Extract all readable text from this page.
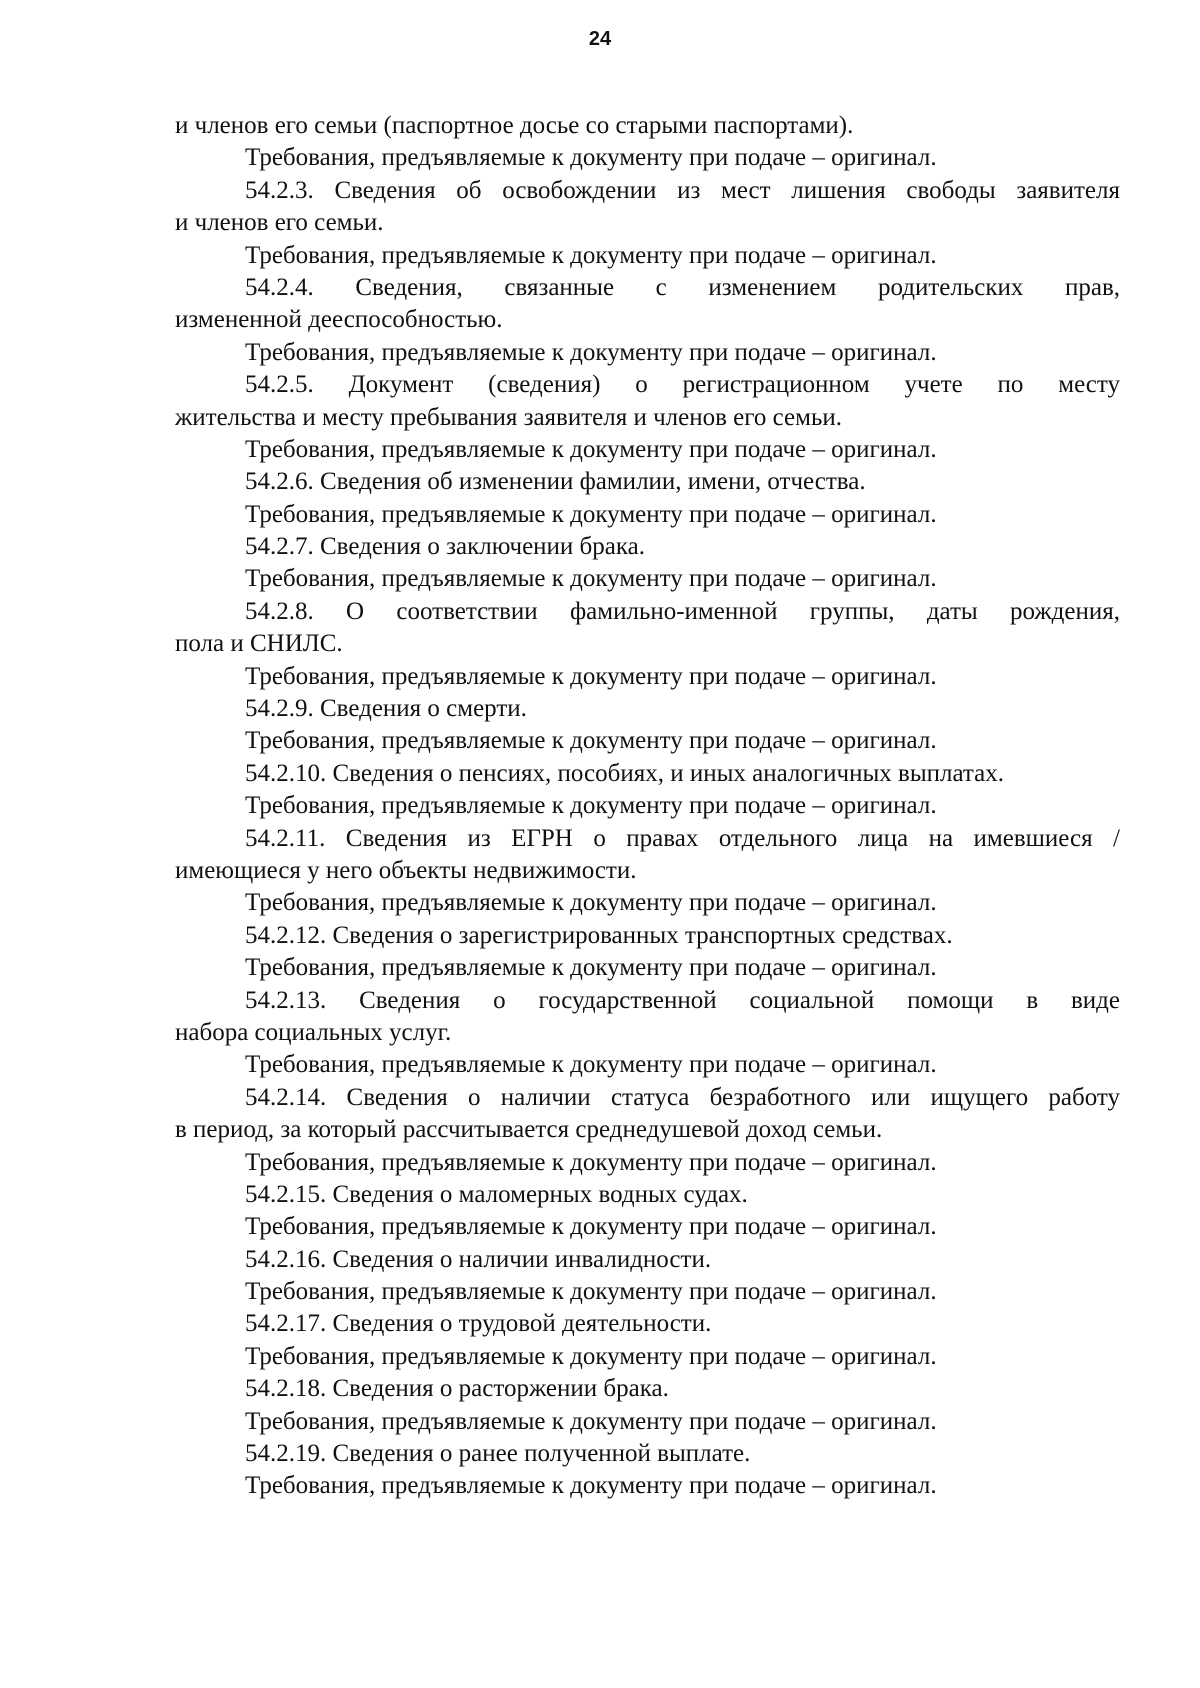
24
и членов его семьи (паспортное досье со старыми паспортами).
Требования, предъявляемые к документу при подаче – оригинал.
54.2.3. Сведения об освобождении из мест лишения свободы заявителя
и членов его семьи.
Требования, предъявляемые к документу при подаче – оригинал.
54.2.4. Сведения, связанные с изменением родительских прав,
измененной дееспособностью.
Требования, предъявляемые к документу при подаче – оригинал.
54.2.5. Документ (сведения) о регистрационном учете по месту
жительства и месту пребывания заявителя и членов его семьи.
Требования, предъявляемые к документу при подаче – оригинал.
54.2.6. Сведения об изменении фамилии, имени, отчества.
Требования, предъявляемые к документу при подаче – оригинал.
54.2.7. Сведения о заключении брака.
Требования, предъявляемые к документу при подаче – оригинал.
54.2.8. О соответствии фамильно-именной группы, даты рождения,
пола и СНИЛС.
Требования, предъявляемые к документу при подаче – оригинал.
54.2.9. Сведения о смерти.
Требования, предъявляемые к документу при подаче – оригинал.
54.2.10. Сведения о пенсиях, пособиях, и иных аналогичных выплатах.
Требования, предъявляемые к документу при подаче – оригинал.
54.2.11. Сведения из ЕГРН о правах отдельного лица на имевшиеся /
имеющиеся у него объекты недвижимости.
Требования, предъявляемые к документу при подаче – оригинал.
54.2.12. Сведения о зарегистрированных транспортных средствах.
Требования, предъявляемые к документу при подаче – оригинал.
54.2.13. Сведения о государственной социальной помощи в виде
набора социальных услуг.
Требования, предъявляемые к документу при подаче – оригинал.
54.2.14. Сведения о наличии статуса безработного или ищущего работу
в период, за который рассчитывается среднедушевой доход семьи.
Требования, предъявляемые к документу при подаче – оригинал.
54.2.15. Сведения о маломерных водных судах.
Требования, предъявляемые к документу при подаче – оригинал.
54.2.16. Сведения о наличии инвалидности.
Требования, предъявляемые к документу при подаче – оригинал.
54.2.17. Сведения о трудовой деятельности.
Требования, предъявляемые к документу при подаче – оригинал.
54.2.18. Сведения о расторжении брака.
Требования, предъявляемые к документу при подаче – оригинал.
54.2.19. Сведения о ранее полученной выплате.
Требования, предъявляемые к документу при подаче – оригинал.
